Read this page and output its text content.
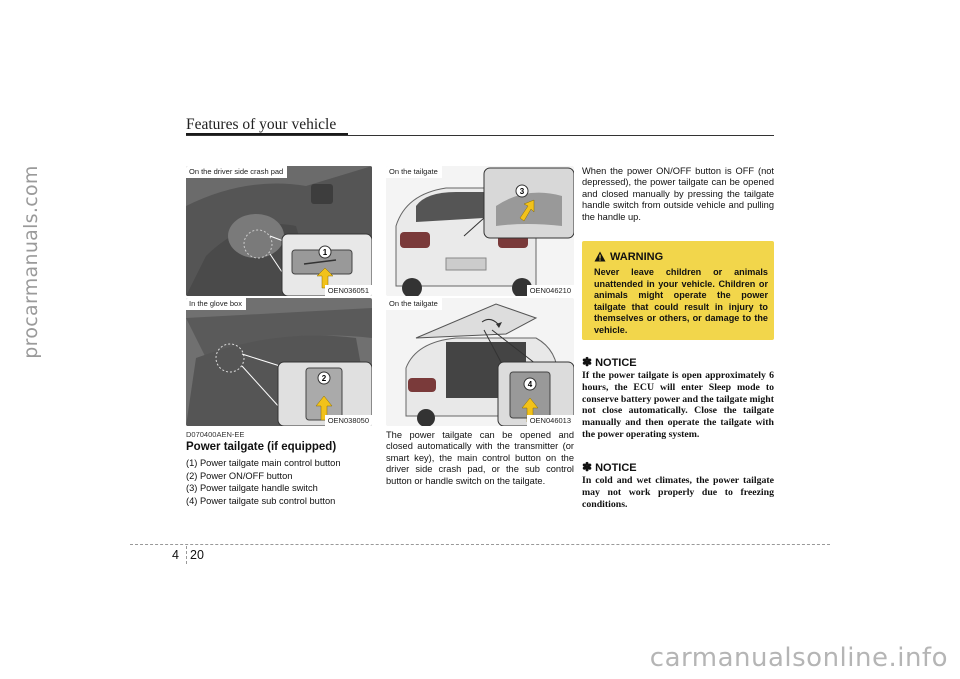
procarmanuals.com
carmanualsonline.info
Features of your vehicle
1
On the driver side crash pad
OEN036051
2
In the glove box
OEN038050
3
On the tailgate
OEN046210
4
On the tailgate
OEN046013
D070400AEN-EE
Power tailgate (if equipped)
(1) Power tailgate main control button
(2) Power ON/OFF button
(3) Power tailgate handle switch
(4) Power tailgate sub control button

The power tailgate can be opened and closed automatically with the transmitter (or smart key), the main control button on the driver side crash pad, or the sub control button or handle switch on the tailgate.

When the power ON/OFF button is OFF (not depressed), the power tailgate can be opened and closed manually by pressing the tailgate handle switch from outside vehicle and pulling the handle up.

WARNING

Never leave children or animals unattended in your vehicle. Children or animals might operate the power tailgate that could result in injury to themselves or others, or damage to the vehicle.

✽ NOTICE

If the power tailgate is open approximately 6 hours, the ECU will enter Sleep mode to conserve battery power and the tailgate might not close automatically. Close the tailgate manually and then operate the tailgate with the power operating system.

✽ NOTICE

In cold and wet climates, the power tailgate may not work properly due to freezing conditions.

4 20
